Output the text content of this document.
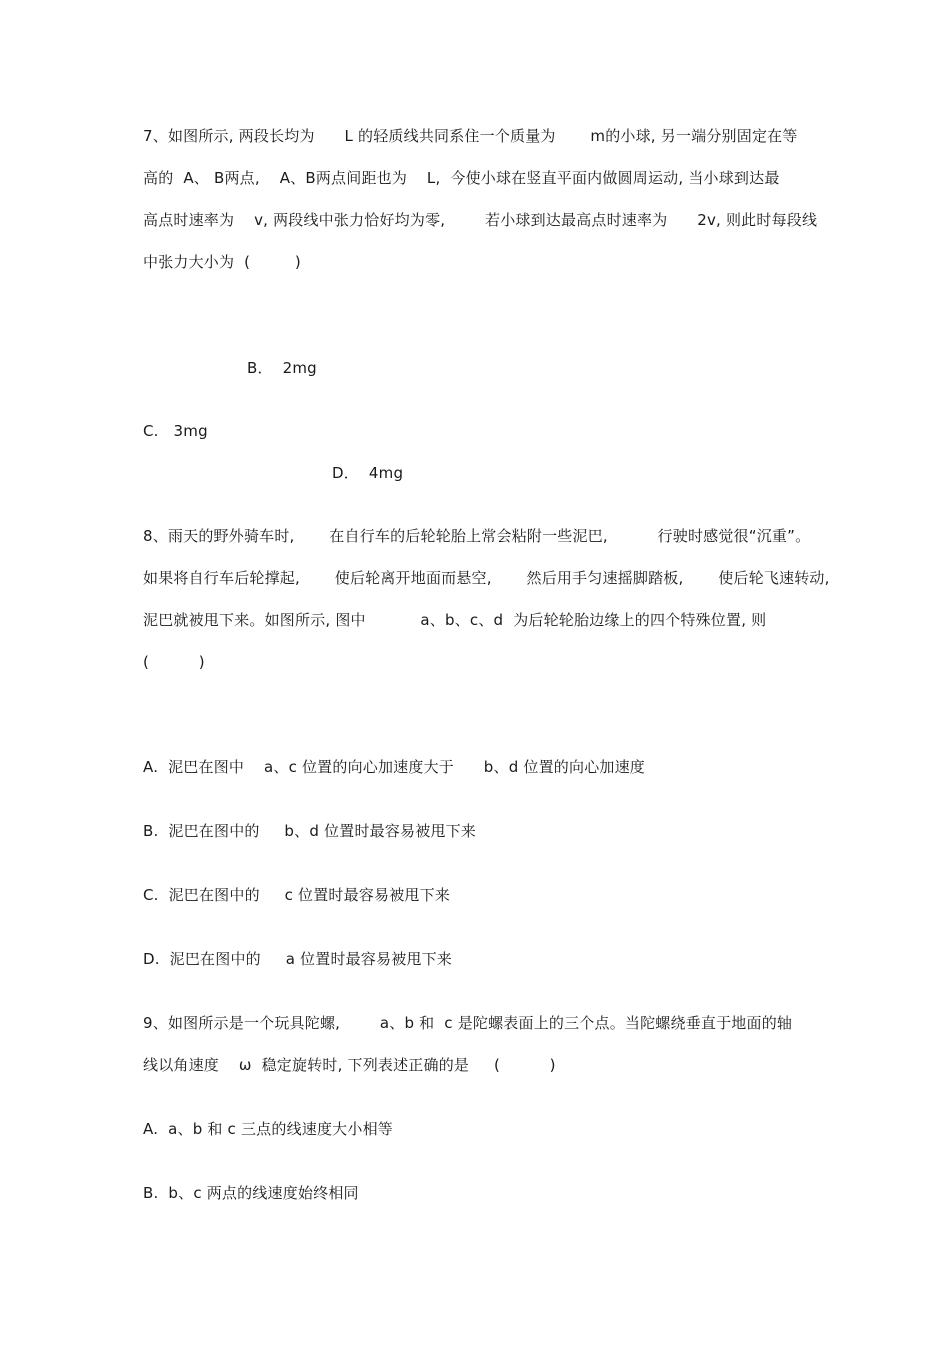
7、如图所示, 两段长均为      L 的轻质线共同系住一个质量为       m的小球, 另一端分别固定在等
高的  A、 B两点,    A、B两点间距也为    L,  今使小球在竖直平面内做圆周运动, 当小球到达最
高点时速率为    v, 两段线中张力恰好均为零,        若小球到达最高点时速率为      2v, 则此时每段线
中张力大小为  (         )
B．  2mg
C.   3mg
D．  4mg
8、雨天的野外骑车时,       在自行车的后轮轮胎上常会粘附一些泥巴,          行驶时感觉很“沉重”。
如果将自行车后轮撑起,       使后轮离开地面而悬空,       然后用手匀速摇脚踏板,       使后轮飞速转动,
泥巴就被甩下来。如图所示, 图中           a、b、c、d  为后轮轮胎边缘上的四个特殊位置, 则
(          )
A.  泥巴在图中    a、c 位置的向心加速度大于      b、d 位置的向心加速度
B.  泥巴在图中的     b、d 位置时最容易被甩下来
C.  泥巴在图中的     c 位置时最容易被甩下来
D.  泥巴在图中的     a 位置时最容易被甩下来
9、如图所示是一个玩具陀螺,        a、b 和  c 是陀螺表面上的三个点。当陀螺绕垂直于地面的轴
线以角速度    ω  稳定旋转时, 下列表述正确的是     (          )
A.  a、b 和 c 三点的线速度大小相等
B.  b、c 两点的线速度始终相同
